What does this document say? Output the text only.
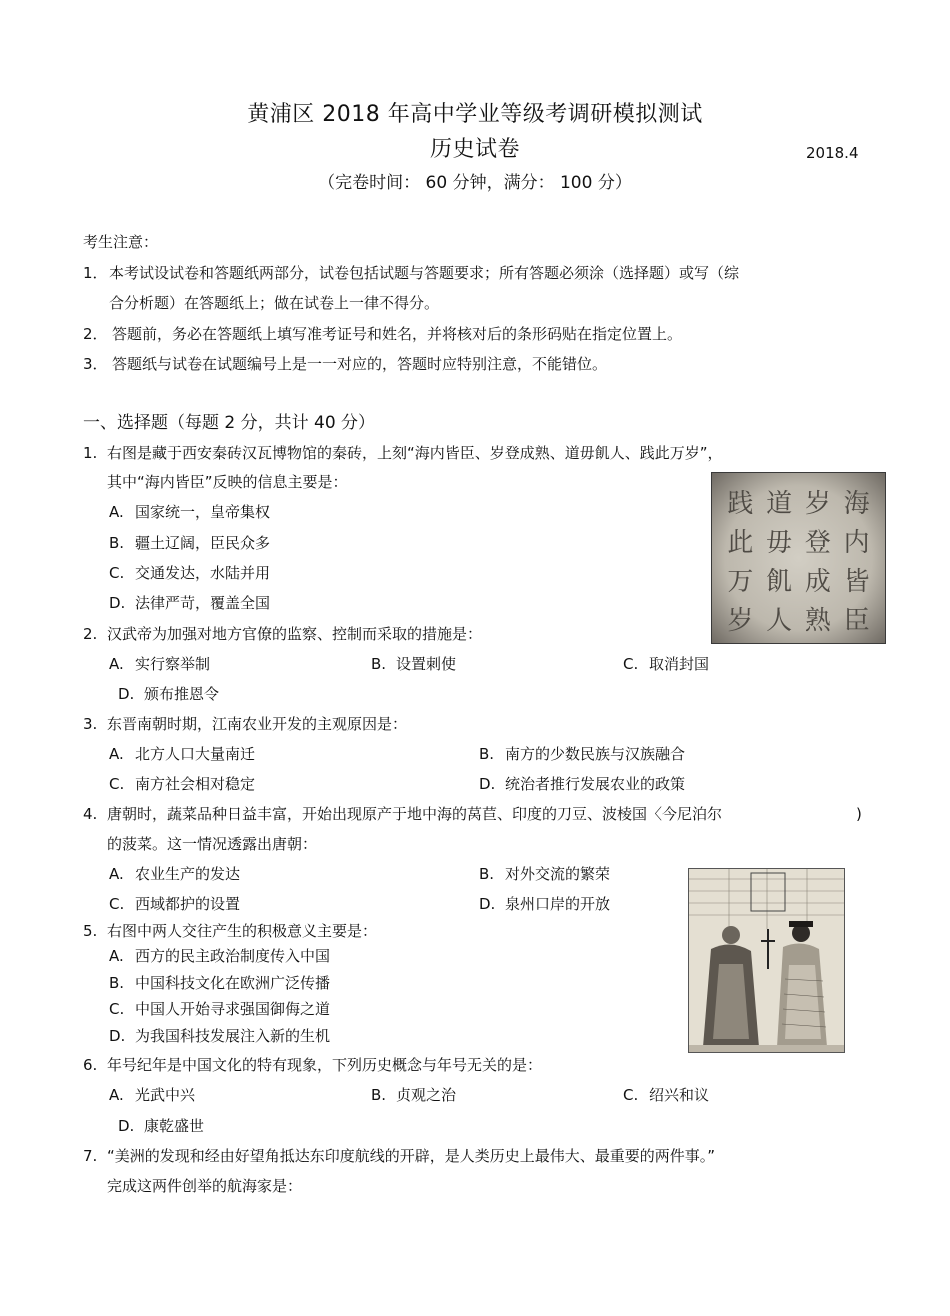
黄浦区 2018 年高中学业等级考调研模拟测试
历史试卷	2018.4
（完卷时间： 60 分钟，满分： 100 分）
考生注意：
1． 本考试设试卷和答题纸两部分，试卷包括试题与答题要求；所有答题必须涂（选择题）或写（综
合分析题）在答题纸上；做在试卷上一律不得分。
2． 答题前，务必在答题纸上填写准考证号和姓名，并将核对后的条形码贴在指定位置上。
3． 答题纸与试卷在试题编号上是一一对应的，答题时应特别注意，不能错位。
一、选择题（每题 2 分，共计 40 分）
1. 右图是藏于西安秦砖汉瓦博物馆的秦砖，上刻“海内皆臣、岁登成熟、道毋飢人、践此万岁”，
其中“海内皆臣”反映的信息主要是：
A. 国家统一，皇帝集权
B. 疆土辽阔，臣民众多
C. 交通发达，水陆并用
D. 法律严苛，覆盖全国
践 道 岁 海
此 毋 登 内
万 飢 成 皆
岁 人 熟 臣
2. 汉武帝为加强对地方官僚的监察、控制而采取的措施是：
A. 实行察举制	B. 设置刺使	C. 取消封国
D. 颁布推恩令
3. 东晋南朝时期，江南农业开发的主观原因是：
A. 北方人口大量南迁	B. 南方的少数民族与汉族融合
C. 南方社会相对稳定	D. 统治者推行发展农业的政策
4. 唐朝时，蔬菜品种日益丰富，开始出现原产于地中海的莴苣、印度的刀豆、波棱国〈今尼泊尔	)
的菠菜。这一情况透露出唐朝：
A. 农业生产的发达	B. 对外交流的繁荣
C. 西域都护的设置	D. 泉州口岸的开放
5. 右图中两人交往产生的积极意义主要是：
A. 西方的民主政治制度传入中国
B. 中国科技文化在欧洲广泛传播
C. 中国人开始寻求强国御侮之道
D. 为我国科技发展注入新的生机
6. 年号纪年是中国文化的特有现象，下列历史概念与年号无关的是：
A. 光武中兴	B. 贞观之治	C. 绍兴和议
D. 康乾盛世
7. “美洲的发现和经由好望角抵达东印度航线的开辟，是人类历史上最伟大、最重要的两件事。”
完成这两件创举的航海家是：
